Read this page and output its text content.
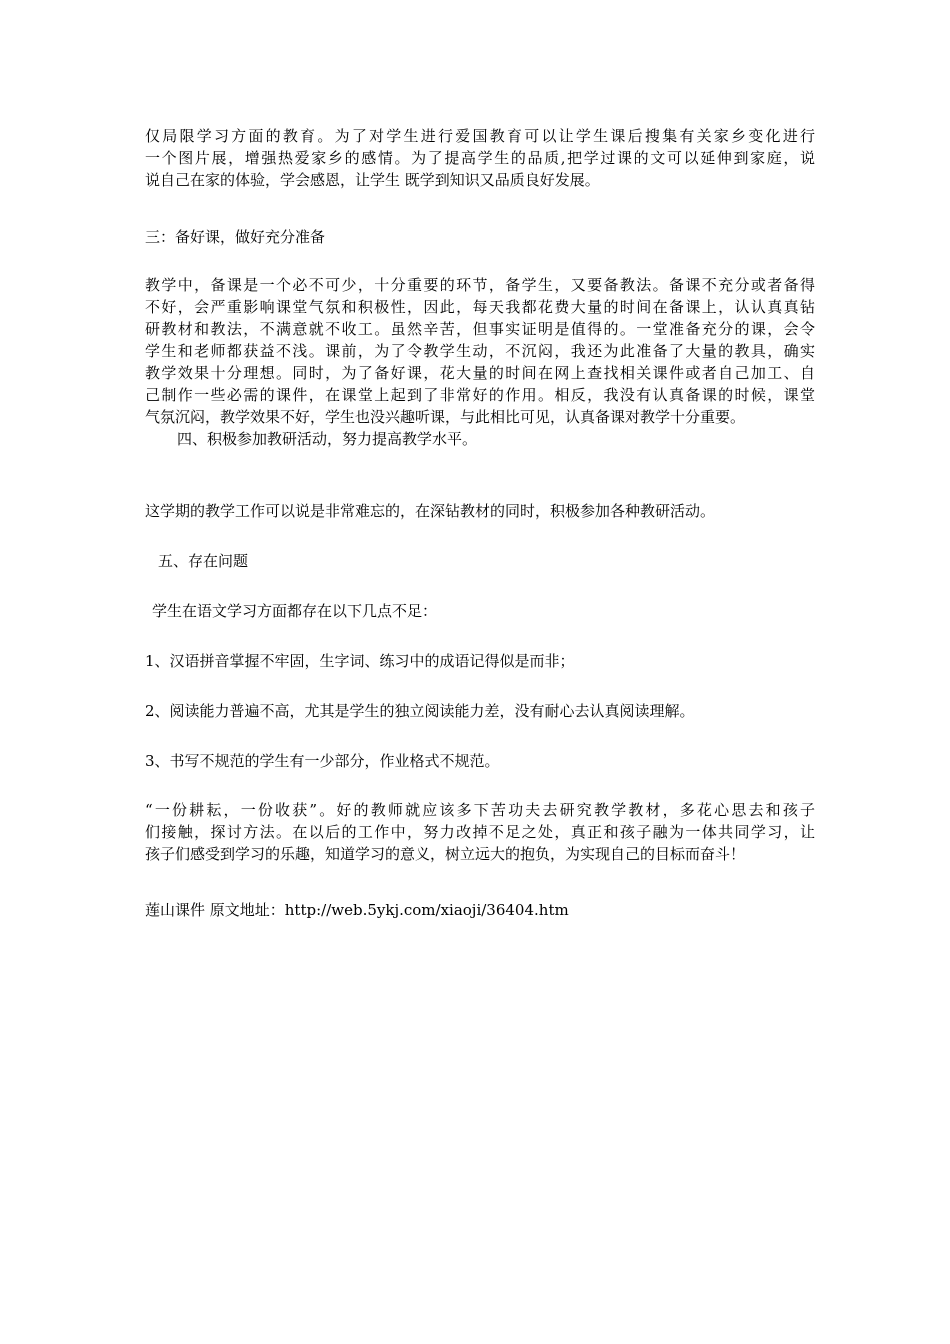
仅局限学习方面的教育。为了对学生进行爱国教育可以让学生课后搜集有关家乡变化进行
一个图片展，增强热爱家乡的感情。为了提高学生的品质,把学过课的文可以延伸到家庭，说
说自己在家的体验，学会感恩，让学生 既学到知识又品质良好发展。
三：备好课，做好充分准备
教学中，备课是一个必不可少，十分重要的环节，备学生，又要备教法。备课不充分或者备得
不好，会严重影响课堂气氛和积极性，因此，每天我都花费大量的时间在备课上，认认真真钻
研教材和教法，不满意就不收工。虽然辛苦，但事实证明是值得的。一堂准备充分的课，会令
学生和老师都获益不浅。课前，为了令教学生动，不沉闷，我还为此准备了大量的教具，确实
教学效果十分理想。同时，为了备好课，花大量的时间在网上查找相关课件或者自己加工、自
己制作一些必需的课件，在课堂上起到了非常好的作用。相反，我没有认真备课的时候，课堂
气氛沉闷，教学效果不好，学生也没兴趣听课，与此相比可见，认真备课对教学十分重要。
四、积极参加教研活动，努力提高教学水平。
这学期的教学工作可以说是非常难忘的，在深钻教材的同时，积极参加各种教研活动。
五、存在问题
学生在语文学习方面都存在以下几点不足：
1、汉语拼音掌握不牢固，生字词、练习中的成语记得似是而非；
2、阅读能力普遍不高，尤其是学生的独立阅读能力差，没有耐心去认真阅读理解。
3、书写不规范的学生有一少部分，作业格式不规范。
“一份耕耘，一份收获”。好的教师就应该多下苦功夫去研究教学教材，多花心思去和孩子
们接触，探讨方法。在以后的工作中，努力改掉不足之处，真正和孩子融为一体共同学习，让
孩子们感受到学习的乐趣，知道学习的意义，树立远大的抱负，为实现自己的目标而奋斗！
莲山课件 原文地址：http://web.5ykj.com/xiaoji/36404.htm
